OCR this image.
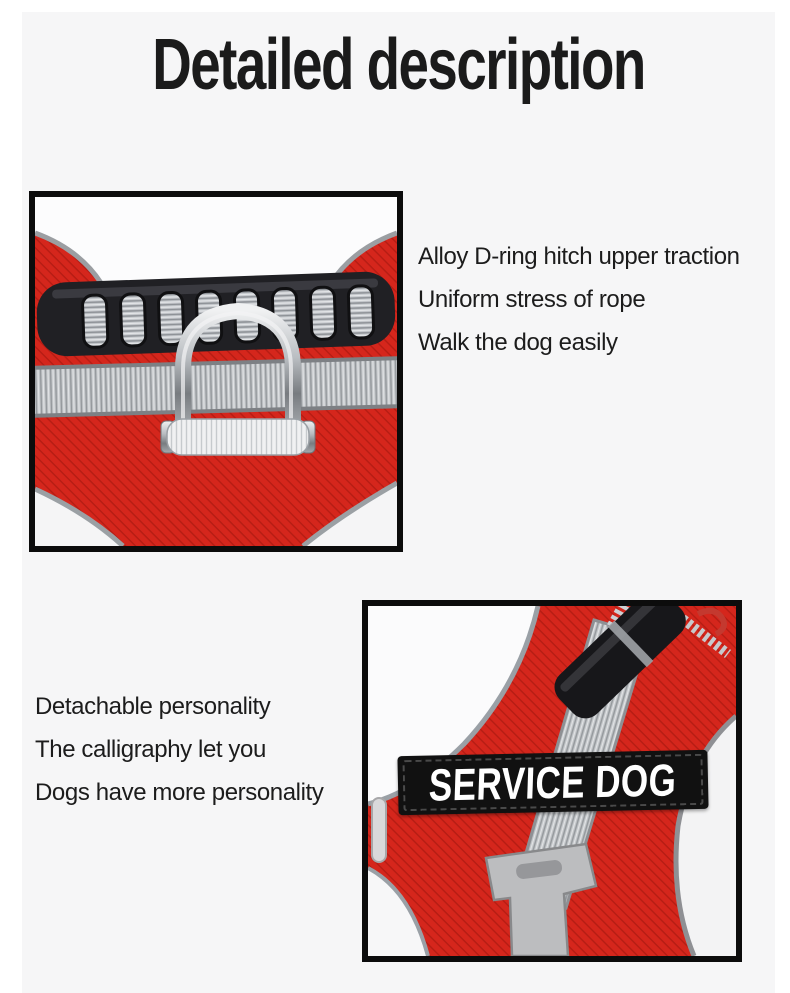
Detailed description

Alloy D-ring hitch upper traction

Uniform stress of rope

Walk the dog easily

Detachable personality

The calligraphy let you

Dogs have more personality	SERVICE DOG
